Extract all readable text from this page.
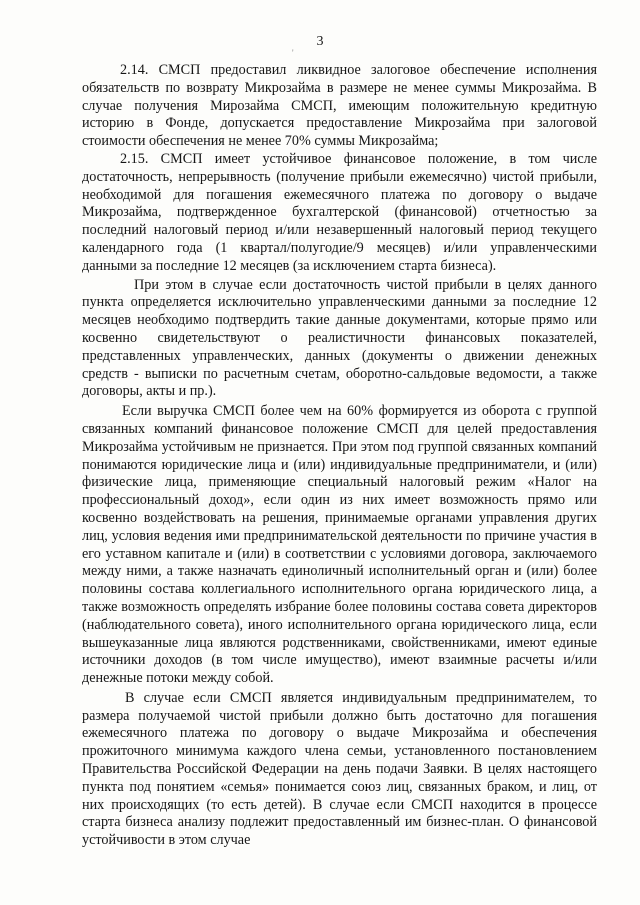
3
'

2.14. СМСП предоставил ликвидное залоговое обеспечение исполнения обязательств по возврату Микрозайма в размере не менее суммы Микрозайма. В случае получения Мирозайма СМСП, имеющим положительную кредитную историю в Фонде, допускается предоставление Микрозайма при залоговой стоимости обеспечения не менее 70% суммы Микрозайма;

2.15. СМСП имеет устойчивое финансовое положение, в том числе достаточность, непрерывность (получение прибыли ежемесячно) чистой прибыли, необходимой для погашения ежемесячного платежа по договору о выдаче Микрозайма, подтвержденное бухгалтерской (финансовой) отчетностью за последний налоговый период и/или незавершенный налоговый период текущего календарного года (1 квартал/полугодие/9 месяцев) и/или управленческими данными за последние 12 месяцев (за исключением старта бизнеса).

При этом в случае если достаточность чистой прибыли в целях данного пункта определяется исключительно управленческими данными за последние 12 месяцев необходимо подтвердить такие данные документами, которые прямо или косвенно свидетельствуют о реалистичности финансовых показателей, представленных управленческих, данных (документы о движении денежных средств - выписки по расчетным счетам, оборотно-сальдовые ведомости, а также договоры, акты и пр.).

Если выручка СМСП более чем на 60% формируется из оборота с группой связанных компаний финансовое положение СМСП для целей предоставления Микрозайма устойчивым не признается. При этом под группой связанных компаний понимаются юридические лица и (или) индивидуальные предприниматели, и (или) физические лица, применяющие специальный налоговый режим «Налог на профессиональный доход», если один из них имеет возможность прямо или косвенно воздействовать на решения, принимаемые органами управления других лиц, условия ведения ими предпринимательской деятельности по причине участия в его уставном капитале и (или) в соответствии с условиями договора, заключаемого между ними, а также назначать единоличный исполнительный орган и (или) более половины состава коллегиального исполнительного органа юридического лица, а также возможность определять избрание более половины состава совета директоров (наблюдательного совета), иного исполнительного органа юридического лица, если вышеуказанные лица являются родственниками, свойственниками, имеют единые источники доходов (в том числе имущество), имеют взаимные расчеты и/или денежные потоки между собой.

В случае если СМСП является индивидуальным предпринимателем, то размера получаемой чистой прибыли должно быть достаточно для погашения ежемесячного платежа по договору о выдаче Микрозайма и обеспечения прожиточного минимума каждого члена семьи, установленного постановлением Правительства Российской Федерации на день подачи Заявки. В целях настоящего пункта под понятием «семья» понимается союз лиц, связанных браком, и лиц, от них происходящих (то есть детей). В случае если СМСП находится в процессе старта бизнеса анализу подлежит предоставленный им бизнес-план. О финансовой устойчивости в этом случае
